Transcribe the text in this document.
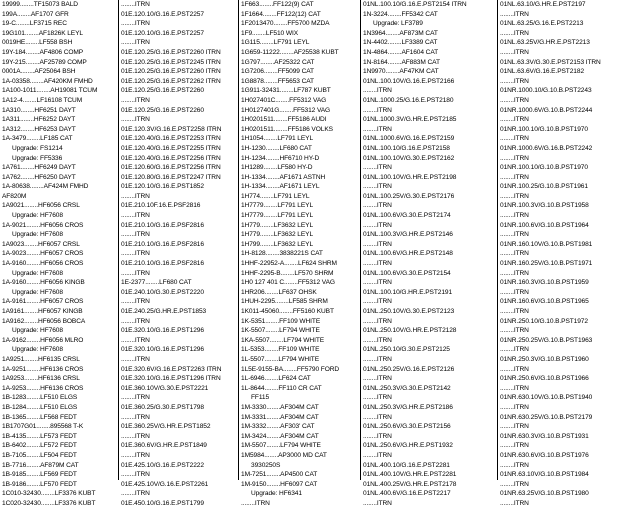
19999........TF15073 BALD
199A........AF1707 GFR
19-C........LF3715 REC
19G101........AF1826K LEYL
0019HE........LF558 BSH
19Y-184........AF4806 COMP
19Y-215........AF25789 COMP
0001A........AF25064 BSH
1A-03358........AF420KM FMHD
1A100-1011........AH19081 TCUM
1A12-4........LF16108 TCUM
1A310........HF6251 DAYT
1A311........HF6252 DAYT
1A312........HF6253 DAYT
1A-3479........LF185 CAT
Upgrade: FS1214
Upgrade: FF5336
1A761........HF6249 DAYT
1A762........HF6250 DAYT
1A-80638........AF424M FMHD
AF820M
1A9021........HF6056 CRSL
Upgrade: HF7608
1A-9021........HF6056 CROS
Upgrade: HF7608
1A9023........HF6057 CRSL
1A-9023........HF6057 CROS
1A-9160........HF6056 CROS
Upgrade: HF7608
1A-9160........HF6056 KINGB
Upgrade: HF7608
1A-9161........HF6057 CROS
1A9161........HF6057 KINGB
1A9162........HF6056 BOBCA
Upgrade: HF7608
1A-9162........HF6056 MLRO
Upgrade: HF7608
1A9251........HF6135 CRSL
1A-9251........HF6136 CROS
1A9253........HF6136 CRSL
1A-9253........HF6136 CROS
1B-1283........LF510 ELGS
1B-1284........LF510 ELGS
1B-1365........LF568 FEDT
1B1707G01........895568 T-K
1B-4135........LF573 FEDT
1B-6402........LF572 FEDT
1B-7105........LF504 FEDT
1B-7716........AF879M CAT
1B-9185........LF569 FEDT
1B-9186........LF570 FEDT
1C010-32430........LF3376 KUBT
1C020-32430........LF3376 KUBT
........ITRN
01E.120.10/G.16.E.PST2257
........ITRN
01E.120.10/G.16.E.PST2257
........ITRN
01E.120.25/G.16.E.PST2260 ITRN
01E.120.25/G.16.E.PST2245 ITRN
01E.120.25/G.16.E.PST2260 ITRN
01E.120.25/G.16.E.PST2262 ITRN
01E.120.25/G.16.E.PST2260
........ITRN
01E.120.25/G.16.E.PST2260
........ITRN
01E.120.3V/G.16.E.PST2258 ITRN
01E.120.40/G.16.E.PST2253 ITRN
01E.120.40/G.16.E.PST2255 ITRN
01E.120.40/G.16.E.PST2256 ITRN
01E.120.60/G.16.E.PST2256 ITRN
01E.120.80/G.16.E.PST2247 ITRN
01E.120.10/G.16.E.PST1852
........ITRN
01E.210.10F.16.E.PSF2816
........ITRN
01E.210.10/G.16.E.PSF2816
........ITRN
01E.210.10/G.16.E.PSF2816
........ITRN
01E.210.10/G.16.E.PSF2816
........ITRN
1E-2377........LF680 CAT
01E.240.10/G.30.E.PST2220
........ITRN
01E.240.25/G.HR.E.PST1853
........ITRN
01E.320.10/G.16.E.PST1296
........ITRN
01E.320.10/G.16.E.PST1296
........ITRN
01E.320.6V/G.16.E.PST2263 ITRN
01E.320.10/G.16.E.PST1296 ITRN
01E.360.10V/G.30.E.PST2221
........ITRN
01E.360.25/G.30.E.PST1798
........ITRN
01E.360.25V/G.HR.E.PST1852
........ITRN
01E.360.6V/G.HR.E.PST1849
........ITRN
01E.425.10/G.16.E.PST2222
........ITRN
01E.425.10V/G.16.E.PST2261
........ITRN
01E.450.10/G.16.E.PST1799
1F663........FF122(9) CAT
1F1664........FF122(12) CAT
1F2013470........FF5700 MZDA
1F9........LF510 WIX
1G115........LF791 LEYL
1G659-11222........AF25538 KUBT
1G797........AF25322 CAT
1G7206........FF5099 CAT
1G8878........FF5653 CAT
1G911-32431........LF787 KUBT
1H027401C........FF5312 VAG
1H0127401G........FF5312 VAG
1H0201511........FF5186 AUDI
1H0201511........FF5186 VOLKS
1H1054........LF791 LEYL
1H-1230........LF680 CAT
1H-1234........HF6710 HY-D
1H1289........LF580 HY-D
1H-1334........AF1671 ASTNH
1H-1334........AF1671 LEYL
1H774........LF791 LEYL
1H7779........LF791 LEYL
1H7779........LF791 LEYL
1H779........LF3632 LEYL
1H779........LF3632 LEYL
1H799........LF3632 LEYL
1H-8128........3838221S CAT
1HHF-22952-A........LF624 SHRM
1HHF-2295-B........LF570 SHRM
1H0 127 401 C........FF5312 VAG
1HR206........LF637 OHSK
1HUH-2295........LF585 SHRM
1K011-45060........FF5160 KUBT
1K-5351........FF109 WHITE
1K-5507........LF794 WHITE
1KA-5507........LF794 WHITE
1L-5353........FF109 WHITE
1L-5507........LF794 WHITE
1L5E-9155-BA........FF5790 FORD
1L-6946........LF624 CAT
1L-8644........FF110 CR CAT
FF115
1M-3330........AF304M CAT
1M-3331........AF304M CAT
1M-3332........AF303' CAT
1M-3424........AF304M CAT
1M-5507........LF794 WHITE
1M5984........AP3000 MD CAT
3930250S
1M-7251........AP4500 CAT
1M-9150........HF6097 CAT
Upgrade: HF6341
........ITRN
01NL.100.10/G.16.E.PST2154 ITRN
1N-3224........FF5342 CAT
Upgrade: LF3789
1N3964........AF873M CAT
1N-4402........LF3389 CAT
1N-4864........AF1604 CAT
1N-8164........AF883M CAT
1N9970........AF47KM CAT
01NL.100.10V/G.16.E.PST2166
........ITRN
01NL.1000.25/G.16.E.PST2180
........ITRN
01NL.1000.3V/G.HR.E.PST2185
........ITRN
01NL.1000.6V/G.16.E.PST2159
01NL.100.10/G.16.E.PST2158
01NL.100.10V/G.30.E.PST2162
........ITRN
01NL.100.10V/G.HR.E.PST2198
........ITRN
01NL.100.25V/G.30.E.PST2176
........ITRN
01NL.100.6V/G.30.E.PST2174
........ITRN
01NL.100.3V/G.HR.E.PST2146
........ITRN
01NL.100.6V/G.HR.E.PST2148
........ITRN
01NL.100.6V/G.30.E.PST2154
........ITRN
01NL.100.10/G.HR.E.PST2191
........ITRN
01NL.250.10V/G.30.E.PST2123
........ITRN
01NL.250.10V/G.HR.E.PST2128
........ITRN
01NL.250.10/G.30.E.PST2125
........ITRN
01NL.250.25V/G.16.E.PST2126
........ITRN
01NL.250.3V/G.30.E.PST2142
........ITRN
01NL.250.3V/G.HR.E.PST2186
........ITRN
01NL.250.6V/G.30.E.PST2156
........ITRN
01NL.250.6V/G.HR.E.PST1932
........ITRN
01NL.400.10/G.16.E.PST2281
01NL.400.10V/G.HR.E.PST2281
01NL.400.25V/G.HR.E.PST2178
01NL.400.6V/G.16.E.PST2217
........ITRN
01NL.63.10/G.HR.E.PST2197
........ITRN
01NL.63.25/G.16.E.PST2213
........ITRN
01NL.63.25V/G.HR.E.PST2213
........ITRN
01NL.63.3V/G.30.E.PST2153 ITRN
01NL.63.6V/G.16.E.PST2182
........ITRN
01NR.1000.10/G.10.B.PST2243
........ITRN
01NR.1000.6V/G.10.B.PST2244
........ITRN
01NR.100.10/G.10.B.PST1970
........ITRN
01NR.1000.6V/G.16.B.PST2242
........ITRN
01NR.100.10/G.10.B.PST1970
........ITRN
01NR.100.25/G.10.B.PST1961
........ITRN
01NR.100.3V/G.10.B.PST1958
........ITRN
01NR.100.6V/G.10.B.PST1964
........ITRN
01NR.160.10V/G.10.B.PST1981
........ITRN
01NR.160.25V/G.10.B.PST1971
........ITRN
01NR.160.3V/G.10.B.PST1959
........ITRN
01NR.160.6V/G.10.B.PST1965
........ITRN
01NR.250.10/G.10.B.PST1972
........ITRN
01NR.250.25V/G.10.B.PST1963
........ITRN
01NR.250.3V/G.10.B.PST1960
........ITRN
01NR.250.6V/G.10.B.PST1966
........ITRN
01NR.630.10V/G.10.B.PST1940
........ITRN
01NR.630.25V/G.10.B.PST2179
........ITRN
01NR.630.3V/G.10.B.PST1931
........ITRN
01NR.630.6V/G.10.B.PST1976
........ITRN
01NR.63.10V/G.10.B.PST1984
........ITRN
01NR.63.25V/G.10.B.PST1980
........ITRN
